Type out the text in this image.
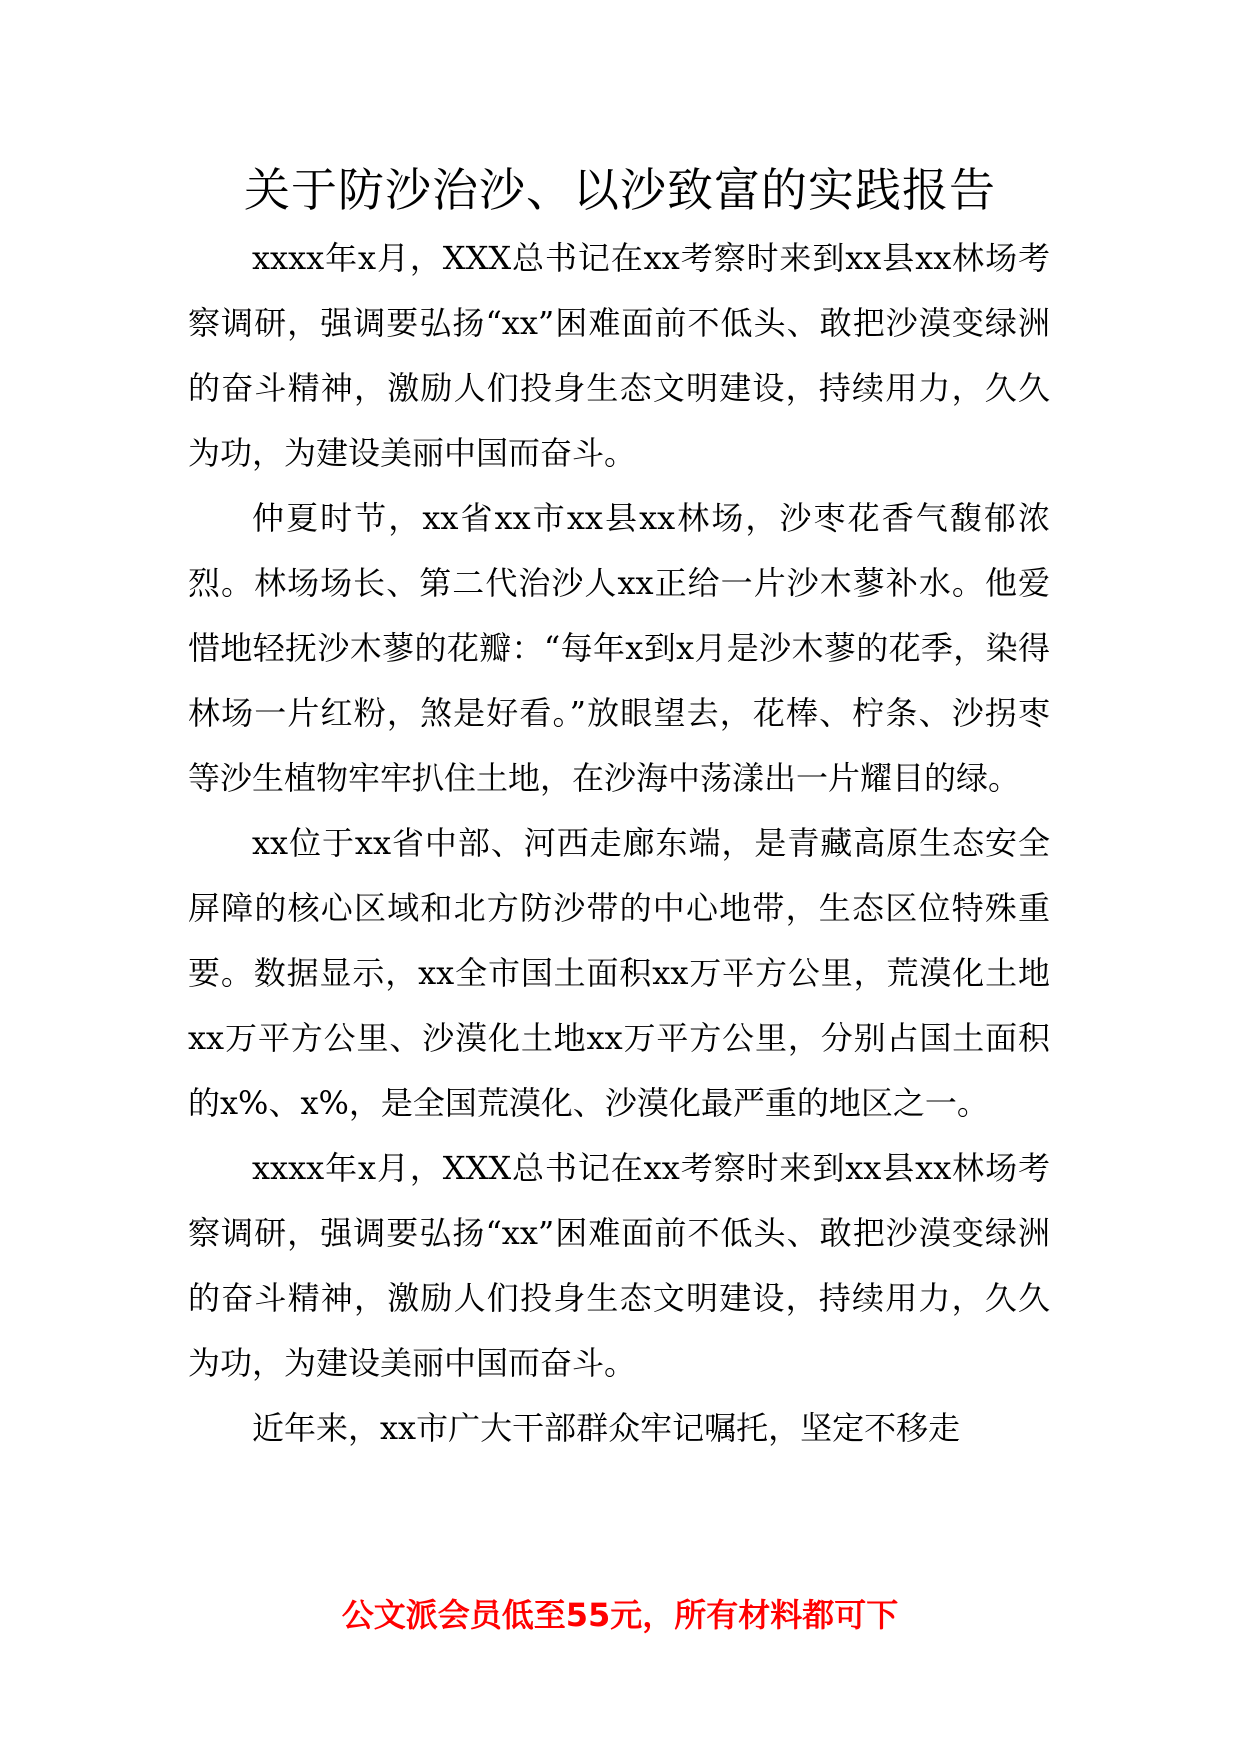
关于防沙治沙、以沙致富的实践报告

xxxx年x月，XXX总书记在xx考察时来到xx县xx林场考察调研，强调要弘扬“xx”困难面前不低头、敢把沙漠变绿洲的奋斗精神，激励人们投身生态文明建设，持续用力，久久为功，为建设美丽中国而奋斗。

仲夏时节，xx省xx市xx县xx林场，沙枣花香气馥郁浓烈。林场场长、第二代治沙人xx正给一片沙木蓼补水。他爱惜地轻抚沙木蓼的花瓣：“每年x到x月是沙木蓼的花季，染得林场一片红粉，煞是好看。”放眼望去，花棒、柠条、沙拐枣等沙生植物牢牢扒住土地，在沙海中荡漾出一片耀目的绿。

xx位于xx省中部、河西走廊东端，是青藏高原生态安全屏障的核心区域和北方防沙带的中心地带，生态区位特殊重要。数据显示，xx全市国土面积xx万平方公里，荒漠化土地xx万平方公里、沙漠化土地xx万平方公里，分别占国土面积的x%、x%，是全国荒漠化、沙漠化最严重的地区之一。

xxxx年x月，XXX总书记在xx考察时来到xx县xx林场考察调研，强调要弘扬“xx”困难面前不低头、敢把沙漠变绿洲的奋斗精神，激励人们投身生态文明建设，持续用力，久久为功，为建设美丽中国而奋斗。

近年来，xx市广大干部群众牢记嘱托，坚定不移走

公文派会员低至55元，所有材料都可下
